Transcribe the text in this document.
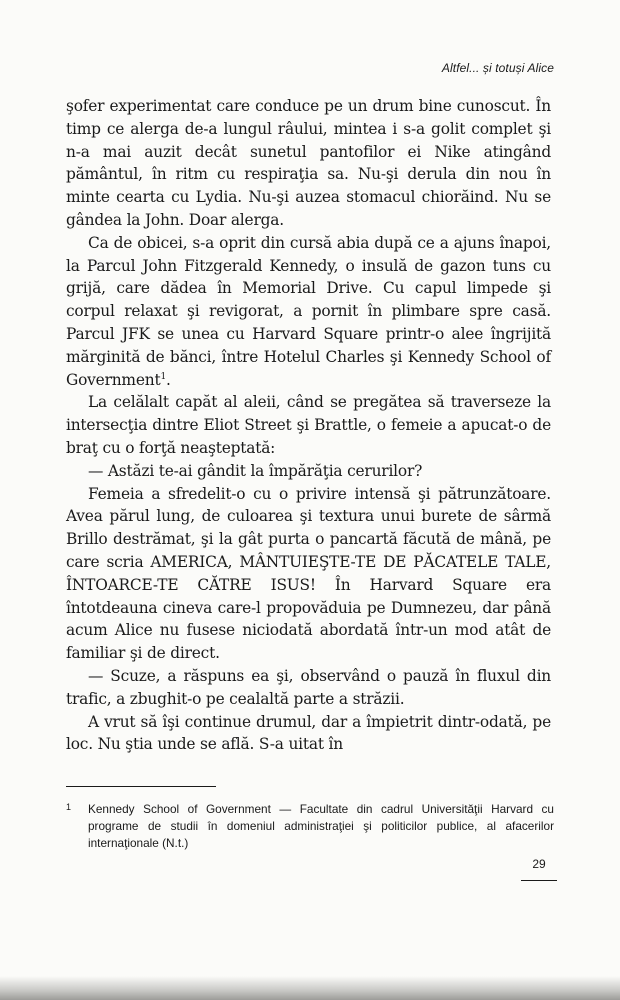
Altfel... și totuși Alice

şofer experimentat care conduce pe un drum bine cunoscut. În timp ce alerga de-a lungul râului, mintea i s-a golit complet şi n-a mai auzit decât sunetul pantofilor ei Nike atingând pământul, în ritm cu respiraţia sa. Nu-şi derula din nou în minte cearta cu Lydia. Nu-şi auzea stomacul chiorăind. Nu se gândea la John. Doar alerga.

Ca de obicei, s-a oprit din cursă abia după ce a ajuns înapoi, la Parcul John Fitzgerald Kennedy, o insulă de gazon tuns cu grijă, care dădea în Memorial Drive. Cu capul limpede şi corpul relaxat şi revigorat, a pornit în plimbare spre casă. Parcul JFK se unea cu Harvard Square printr-o alee îngrijită mărginită de bănci, între Hotelul Charles şi Kennedy School of Government$^1$.

La celălalt capăt al aleii, când se pregătea să traverseze la intersecţia dintre Eliot Street şi Brattle, o femeie a apucat-o de braţ cu o forţă neaşteptată:

— Astăzi te-ai gândit la împărăţia cerurilor?

Femeia a sfredelit-o cu o privire intensă şi pătrunzătoare. Avea părul lung, de culoarea şi textura unui burete de sârmă Brillo destrămat, şi la gât purta o pancartă făcută de mână, pe care scria AMERICA, MÂNTUIEŞTE-TE DE PĂCATELE TALE, ÎNTOARCE-TE CĂTRE ISUS! În Harvard Square era întotdeauna cineva care-l propovăduia pe Dumnezeu, dar până acum Alice nu fusese niciodată abordată într-un mod atât de familiar şi de direct.

— Scuze, a răspuns ea şi, observând o pauză în fluxul din trafic, a zbughit-o pe cealaltă parte a străzii.

A vrut să îşi continue drumul, dar a împietrit dintr-odată, pe loc. Nu ştia unde se află. S-a uitat în

1	Kennedy School of Government — Facultate din cadrul Universităţii Harvard cu programe de studii în domeniul administraţiei şi politicilor publice, al afacerilor internaţionale (N.t.)
29
